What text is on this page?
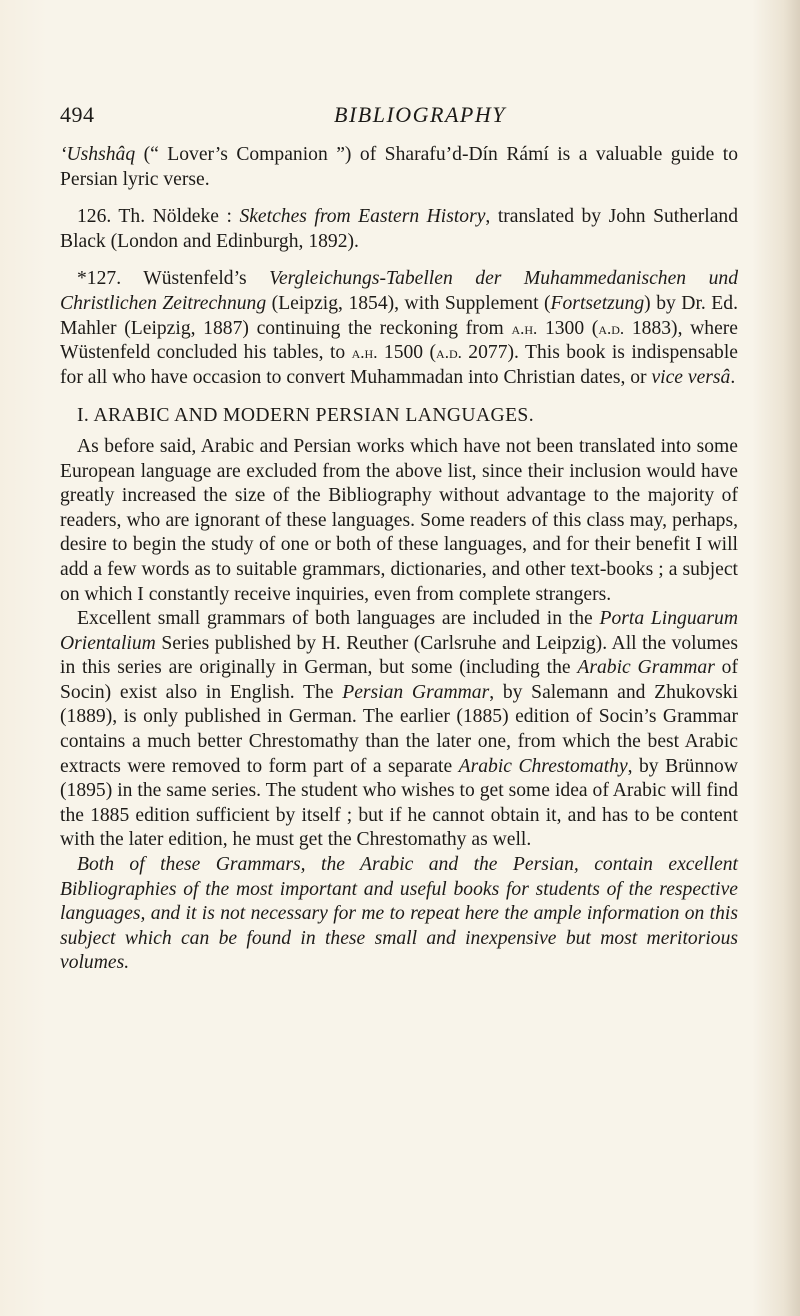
494	BIBLIOGRAPHY

‘Ushshâq (“ Lover’s Companion ”) of Sharafu’d-Dín Rámí is a valuable guide to Persian lyric verse.

126. Th. Nöldeke : Sketches from Eastern History, translated by John Sutherland Black (London and Edinburgh, 1892).

*127. Wüstenfeld’s Vergleichungs-Tabellen der Muhammedanischen und Christlichen Zeitrechnung (Leipzig, 1854), with Supplement (Fortsetzung) by Dr. Ed. Mahler (Leipzig, 1887) continuing the reckoning from a.h. 1300 (a.d. 1883), where Wüstenfeld concluded his tables, to a.h. 1500 (a.d. 2077). This book is indispensable for all who have occasion to convert Muhammadan into Christian dates, or vice versâ.

I. ARABIC AND MODERN PERSIAN LANGUAGES.

As before said, Arabic and Persian works which have not been translated into some European language are excluded from the above list, since their inclusion would have greatly increased the size of the Bibliography without advantage to the majority of readers, who are ignorant of these languages. Some readers of this class may, perhaps, desire to begin the study of one or both of these languages, and for their benefit I will add a few words as to suitable grammars, dictionaries, and other text-books ; a subject on which I constantly receive inquiries, even from complete strangers.

Excellent small grammars of both languages are included in the Porta Linguarum Orientalium Series published by H. Reuther (Carlsruhe and Leipzig). All the volumes in this series are originally in German, but some (including the Arabic Grammar of Socin) exist also in English. The Persian Grammar, by Salemann and Zhukovski (1889), is only published in German. The earlier (1885) edition of Socin’s Grammar contains a much better Chrestomathy than the later one, from which the best Arabic extracts were removed to form part of a separate Arabic Chrestomathy, by Brünnow (1895) in the same series. The student who wishes to get some idea of Arabic will find the 1885 edition sufficient by itself ; but if he cannot obtain it, and has to be content with the later edition, he must get the Chrestomathy as well.

Both of these Grammars, the Arabic and the Persian, contain excellent Bibliographies of the most important and useful books for students of the respective languages, and it is not necessary for me to repeat here the ample information on this subject which can be found in these small and inexpensive but most meritorious volumes.
